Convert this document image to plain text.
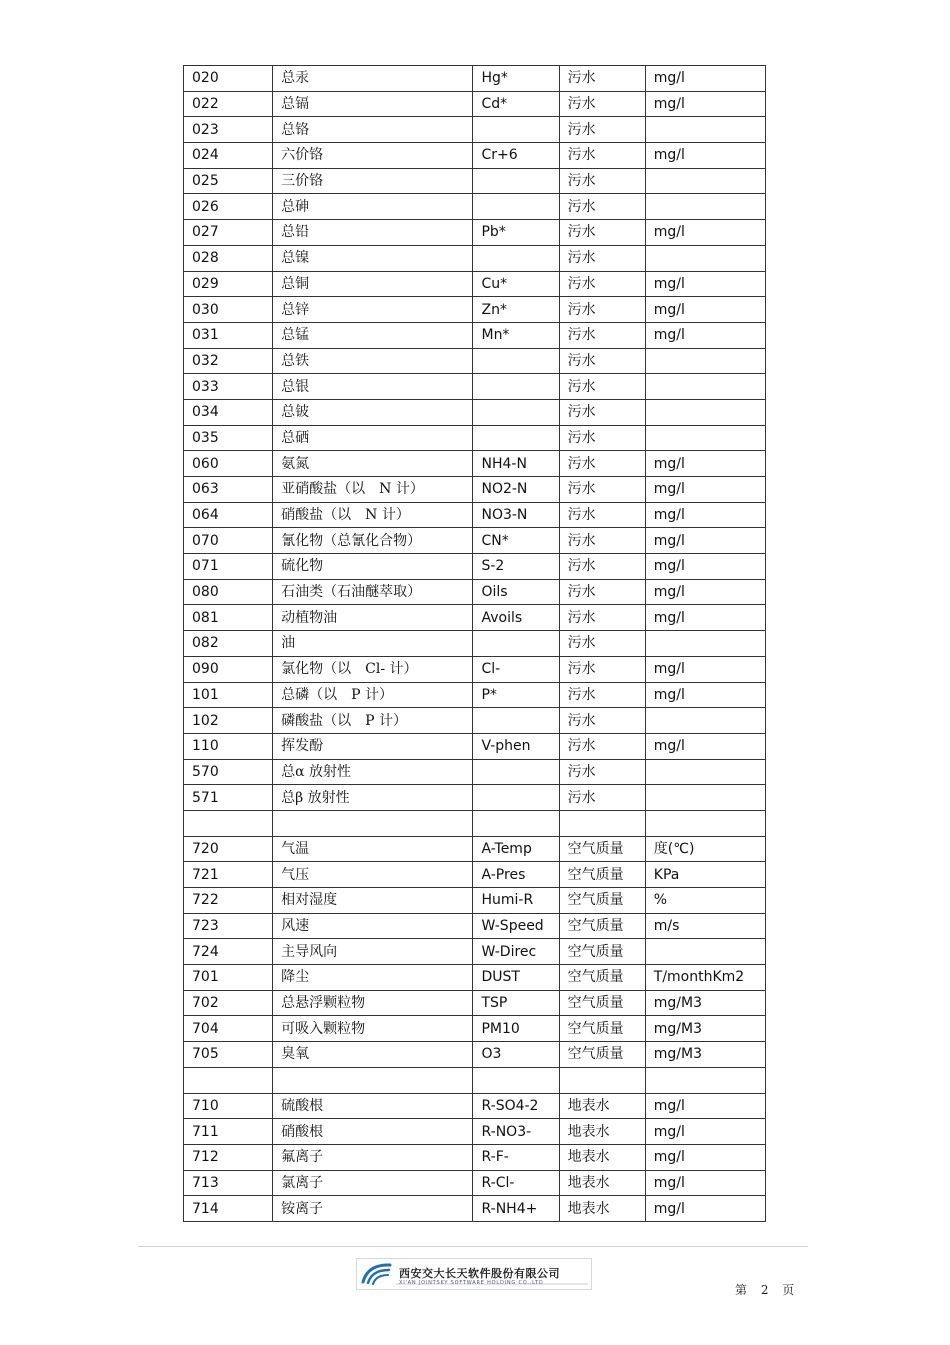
020	总汞	Hg*	污水	mg/l
022	总镉	Cd*	污水	mg/l
023	总铬		污水	
024	六价铬	Cr+6	污水	mg/l
025	三价铬		污水	
026	总砷		污水	
027	总铅	Pb*	污水	mg/l
028	总镍		污水	
029	总铜	Cu*	污水	mg/l
030	总锌	Zn*	污水	mg/l
031	总锰	Mn*	污水	mg/l
032	总铁		污水	
033	总银		污水	
034	总铍		污水	
035	总硒		污水	
060	氨氮	NH4-N	污水	mg/l
063	亚硝酸盐（以　N 计）	NO2-N	污水	mg/l
064	硝酸盐（以　N 计）	NO3-N	污水	mg/l
070	氰化物（总氰化合物）	CN*	污水	mg/l
071	硫化物	S-2	污水	mg/l
080	石油类（石油醚萃取）	Oils	污水	mg/l
081	动植物油	Avoils	污水	mg/l
082	油		污水	
090	氯化物（以　Cl- 计）	Cl-	污水	mg/l
101	总磷（以　P 计）	P*	污水	mg/l
102	磷酸盐（以　P 计）		污水	
110	挥发酚	V-phen	污水	mg/l
570	总α 放射性		污水	
571	总β 放射性		污水	

720	气温	A-Temp	空气质量	度(℃)
721	气压	A-Pres	空气质量	KPa
722	相对湿度	Humi-R	空气质量	%
723	风速	W-Speed	空气质量	m/s
724	主导风向	W-Direc	空气质量	
701	降尘	DUST	空气质量	T/monthKm2
702	总悬浮颗粒物	TSP	空气质量	mg/M3
704	可吸入颗粒物	PM10	空气质量	mg/M3
705	臭氧	O3	空气质量	mg/M3

710	硫酸根	R-SO4-2	地表水	mg/l
711	硝酸根	R-NO3-	地表水	mg/l
712	氟离子	R-F-	地表水	mg/l
713	氯离子	R-Cl-	地表水	mg/l
714	铵离子	R-NH4+	地表水	mg/l
西安交大长天软件股份有限公司
XI'AN JOINTSKY SOFTWARE HOLDING CO.,LTD	第 2 页
